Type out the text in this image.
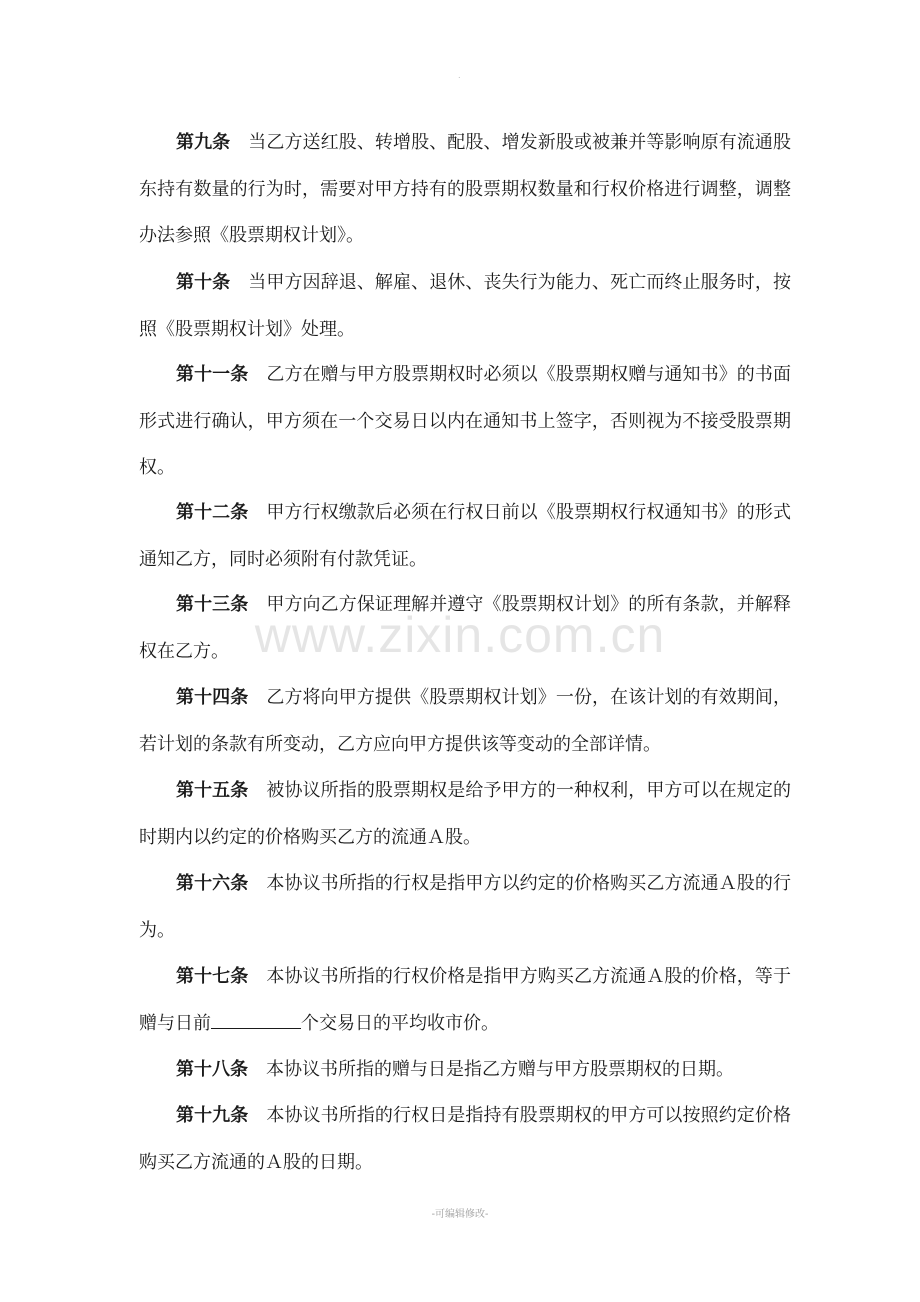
.

第九条 当乙方送红股、转增股、配股、增发新股或被兼并等影响原有流通股东持有数量的行为时，需要对甲方持有的股票期权数量和行权价格进行调整，调整办法参照《股票期权计划》。

第十条 当甲方因辞退、解雇、退休、丧失行为能力、死亡而终止服务时，按照《股票期权计划》处理。

第十一条 乙方在赠与甲方股票期权时必须以《股票期权赠与通知书》的书面形式进行确认，甲方须在一个交易日以内在通知书上签字，否则视为不接受股票期权。

第十二条 甲方行权缴款后必须在行权日前以《股票期权行权通知书》的形式通知乙方，同时必须附有付款凭证。

第十三条 甲方向乙方保证理解并遵守《股票期权计划》的所有条款，并解释权在乙方。

第十四条 乙方将向甲方提供《股票期权计划》一份，在该计划的有效期间，若计划的条款有所变动，乙方应向甲方提供该等变动的全部详情。

第十五条 被协议所指的股票期权是给予甲方的一种权利，甲方可以在规定的时期内以约定的价格购买乙方的流通Ａ股。

第十六条 本协议书所指的行权是指甲方以约定的价格购买乙方流通Ａ股的行为。

第十七条 本协议书所指的行权价格是指甲方购买乙方流通Ａ股的价格，等于赠与日前	个交易日的平均收市价。

第十八条 本协议书所指的赠与日是指乙方赠与甲方股票期权的日期。

第十九条 本协议书所指的行权日是指持有股票期权的甲方可以按照约定价格购买乙方流通的Ａ股的日期。

www.zixin.com.cn
-可编辑修改-
